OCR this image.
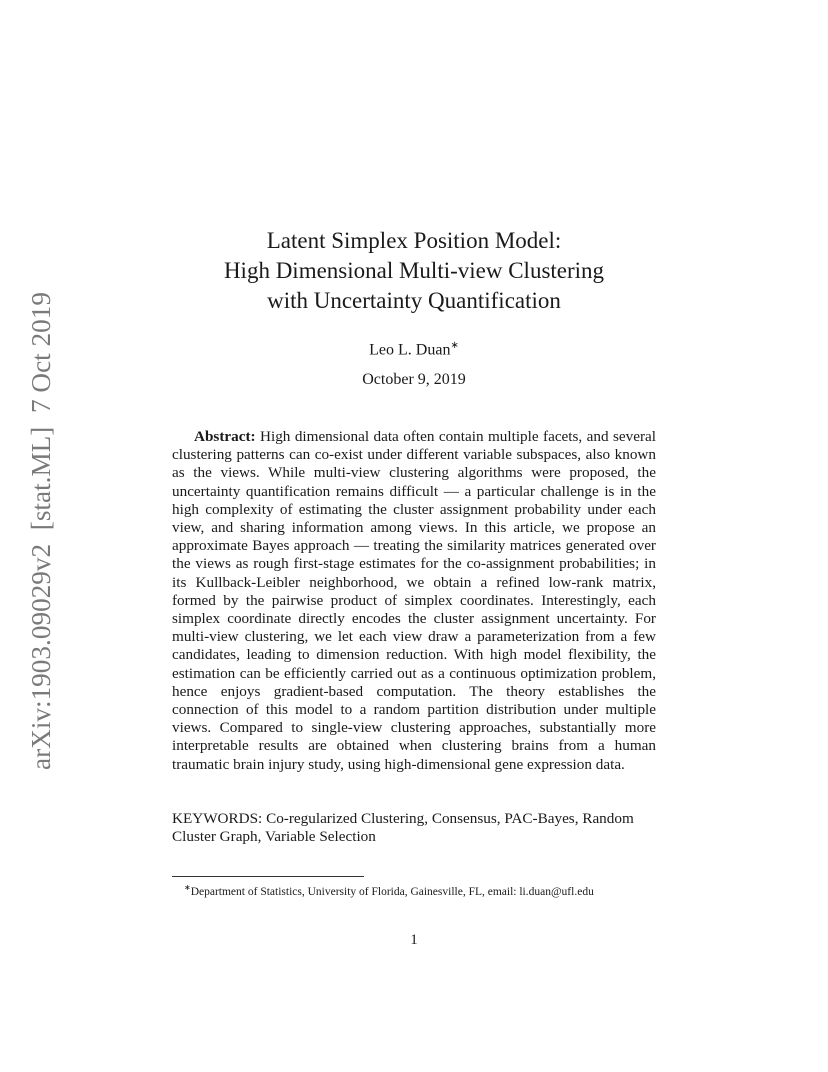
arXiv:1903.09029v2  [stat.ML]  7 Oct 2019
Latent Simplex Position Model:
High Dimensional Multi-view Clustering
with Uncertainty Quantification
Leo L. Duan∗
October 9, 2019

Abstract: High dimensional data often contain multiple facets, and several clustering patterns can co-exist under different variable subspaces, also known as the views. While multi-view clustering algorithms were proposed, the uncertainty quantification remains difficult — a particular challenge is in the high complexity of estimating the cluster assignment probability under each view, and sharing information among views. In this article, we propose an approximate Bayes approach — treating the similarity matrices generated over the views as rough first-stage estimates for the co-assignment probabilities; in its Kullback-Leibler neighborhood, we obtain a refined low-rank matrix, formed by the pairwise product of simplex coordinates. Interestingly, each simplex coordinate directly encodes the cluster assignment uncertainty. For multi-view clustering, we let each view draw a parameterization from a few candidates, leading to dimension reduction. With high model flexibility, the estimation can be efficiently carried out as a continuous optimization problem, hence enjoys gradient-based computation. The theory establishes the connection of this model to a random partition distribution under multiple views. Compared to single-view clustering approaches, substantially more interpretable results are obtained when clustering brains from a human traumatic brain injury study, using high-dimensional gene expression data.

KEYWORDS: Co-regularized Clustering, Consensus, PAC-Bayes, Random Cluster Graph, Variable Selection

∗Department of Statistics, University of Florida, Gainesville, FL, email: li.duan@ufl.edu

1
